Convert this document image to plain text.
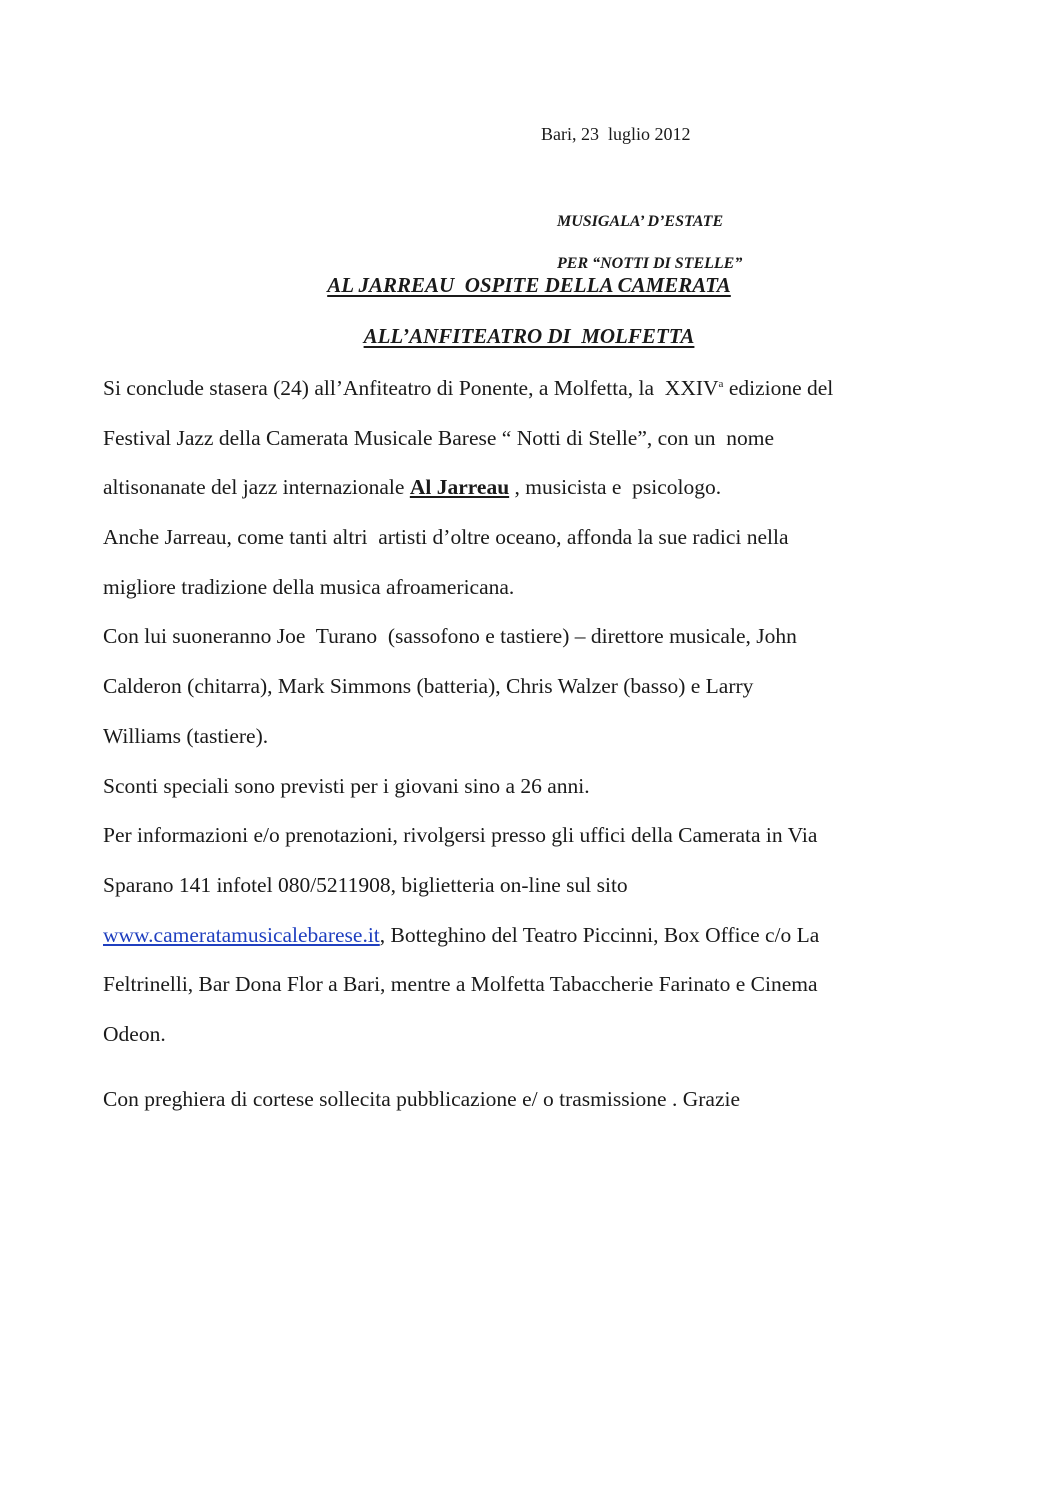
Bari, 23  luglio 2012

MUSIGALA’ D’ESTATE

PER “NOTTI DI STELLE”

AL JARREAU  OSPITE DELLA CAMERATA
ALL’ANFITEATRO DI  MOLFETTA
Si conclude stasera (24) all’Anfiteatro di Ponente, a Molfetta, la  XXIV$^a$ edizione del
Festival Jazz della Camerata Musicale Barese “ Notti di Stelle”, con un  nome
altisonanate del jazz internazionale Al Jarreau , musicista e  psicologo.
Anche Jarreau, come tanti altri  artisti d’oltre oceano, affonda la sue radici nella
migliore tradizione della musica afroamericana.
Con lui suoneranno Joe  Turano  (sassofono e tastiere) – direttore musicale, John
Calderon (chitarra), Mark Simmons (batteria), Chris Walzer (basso) e Larry
Williams (tastiere).
Sconti speciali sono previsti per i giovani sino a 26 anni.
Per informazioni e/o prenotazioni, rivolgersi presso gli uffici della Camerata in Via
Sparano 141 infotel 080/5211908, biglietteria on-line sul sito
www.cameratamusicalebarese.it, Botteghino del Teatro Piccinni, Box Office c/o La
Feltrinelli, Bar Dona Flor a Bari, mentre a Molfetta Tabaccherie Farinato e Cinema
Odeon.
Con preghiera di cortese sollecita pubblicazione e/ o trasmissione . Grazie
